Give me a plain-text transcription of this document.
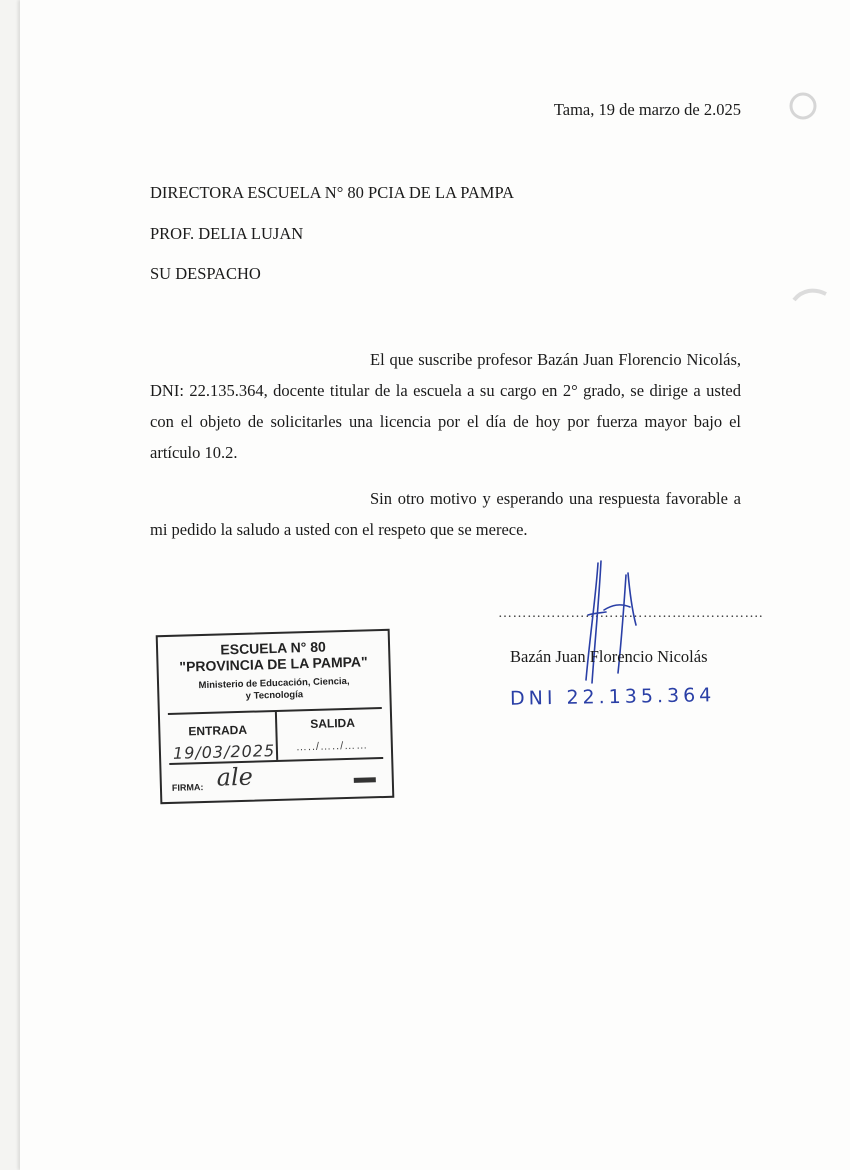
Tama, 19 de marzo de 2.025
DIRECTORA ESCUELA N° 80 PCIA DE LA PAMPA
PROF. DELIA LUJAN
SU DESPACHO

El que suscribe profesor Bazán Juan Florencio Nicolás, DNI: 22.135.364, docente titular de la escuela a su cargo en 2° grado, se dirige a usted con el objeto de solicitarles una licencia por el día de hoy por fuerza mayor bajo el artículo 10.2.

Sin otro motivo y esperando una respuesta favorable a mi pedido la saludo a usted con el respeto que se merece.

……………………………………………….
Bazán Juan Florencio Nicolás
DNI 22.135.364
ESCUELA N° 80
"PROVINCIA DE LA PAMPA"
Ministerio de Educación, Ciencia,
y Tecnología
ENTRADA	SALIDA
19/03/2025 …../…../……
FIRMA: ale
